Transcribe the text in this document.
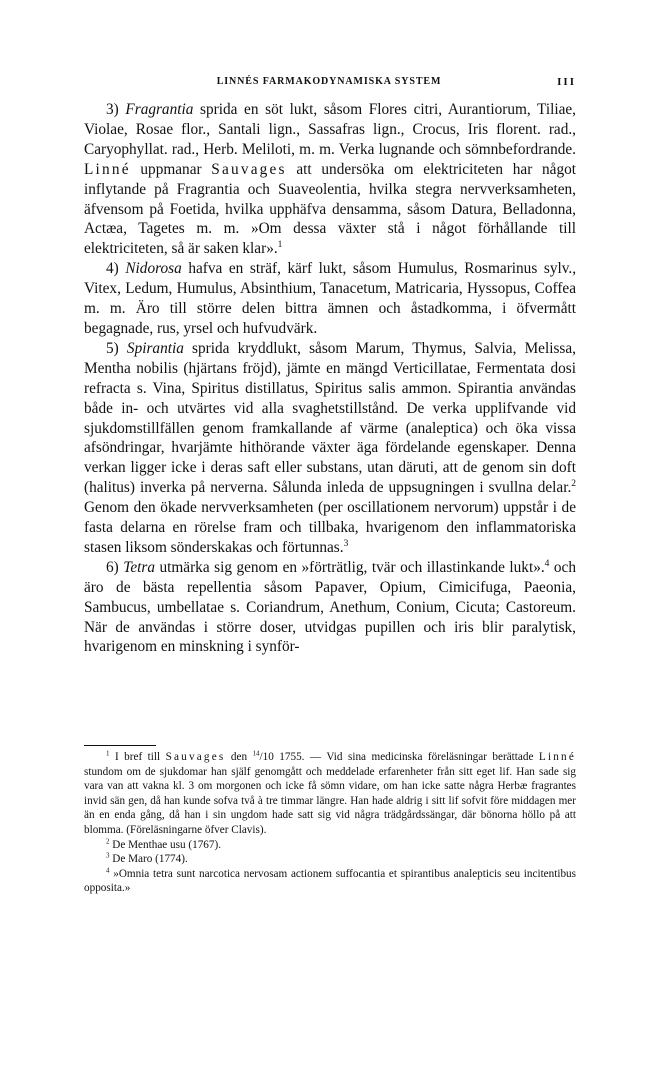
LINNÉS FARMAKODYNAMISKA SYSTEM	III

3) Fragrantia sprida en söt lukt, såsom Flores citri, Aurantiorum, Tiliae, Violae, Rosae flor., Santali lign., Sassafras lign., Crocus, Iris florent. rad., Caryophyllat. rad., Herb. Meliloti, m. m. Verka lugnande och sömnbefordrande. Linné uppmanar Sauvages att undersöka om elektriciteten har något inflytande på Fragrantia och Suaveolentia, hvilka stegra nervverksamheten, äfvensom på Foetida, hvilka upphäfva densamma, såsom Datura, Belladonna, Actæa, Tagetes m. m. »Om dessa växter stå i något förhållande till elektriciteten, så är saken klar».$^1$

4) Nidorosa hafva en sträf, kärf lukt, såsom Humulus, Rosmarinus sylv., Vitex, Ledum, Humulus, Absinthium, Tanacetum, Matricaria, Hyssopus, Coffea m. m. Äro till större delen bittra ämnen och åstadkomma, i öfvermått begagnade, rus, yrsel och hufvudvärk.

5) Spirantia sprida kryddlukt, såsom Marum, Thymus, Salvia, Melissa, Mentha nobilis (hjärtans fröjd), jämte en mängd Verticillatae, Fermentata dosi refracta s. Vina, Spiritus distillatus, Spiritus salis ammon. Spirantia användas både in- och utvärtes vid alla svaghetstillstånd. De verka upplifvande vid sjukdomstillfällen genom framkallande af värme (analeptica) och öka vissa afsöndringar, hvarjämte hithörande växter äga fördelande egenskaper. Denna verkan ligger icke i deras saft eller substans, utan däruti, att de genom sin doft (halitus) inverka på nerverna. Sålunda inleda de uppsugningen i svullna delar.$^2$ Genom den ökade nervverksamheten (per oscillationem nervorum) uppstår i de fasta delarna en rörelse fram och tillbaka, hvarigenom den inflammatoriska stasen liksom sönderskakas och förtunnas.$^3$

6) Tetra utmärka sig genom en »förträtlig, tvär och illastinkande lukt».$^4$ och äro de bästa repellentia såsom Papaver, Opium, Cimicifuga, Paeonia, Sambucus, umbellatae s. Coriandrum, Anethum, Conium, Cicuta; Castoreum. När de användas i större doser, utvidgas pupillen och iris blir paralytisk, hvarigenom en minskning i synför-

$^1$ I bref till Sauvages den $^{14}$/10 1755. — Vid sina medicinska föreläsningar berättade Linné stundom om de sjukdomar han själf genomgått och meddelade erfarenheter från sitt eget lif. Han sade sig vara van att vakna kl. 3 om morgonen och icke få sömn vidare, om han icke satte några Herbæ fragrantes invid sän gen, då han kunde sofva två à tre timmar längre. Han hade aldrig i sitt lif sofvit före middagen mer än en enda gång, då han i sin ungdom hade satt sig vid några trädgårdssängar, där bönorna höllo på att blomma. (Föreläsningarne öfver Clavis).

$^2$ De Menthae usu (1767).

$^3$ De Maro (1774).

$^4$ »Omnia tetra sunt narcotica nervosam actionem suffocantia et spirantibus analepticis seu incitentibus opposita.»
